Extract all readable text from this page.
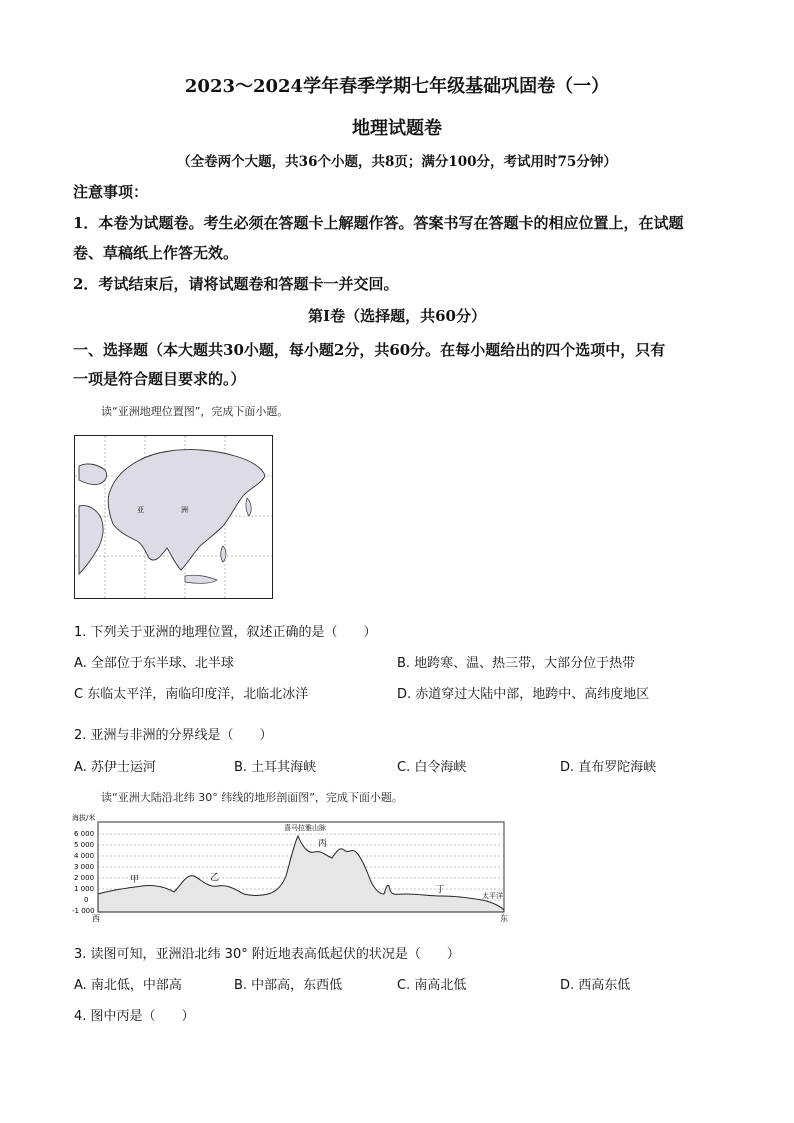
2023～2024学年春季学期七年级基础巩固卷（一）
地理试题卷
（全卷两个大题，共36个小题，共8页；满分100分，考试用时75分钟）
注意事项：
1．本卷为试题卷。考生必须在答题卡上解题作答。答案书写在答题卡的相应位置上，在试题
卷、草稿纸上作答无效。
2．考试结束后，请将试题卷和答题卡一并交回。
第Ⅰ卷（选择题，共60分）
一、选择题（本大题共30小题，每小题2分，共60分。在每小题给出的四个选项中，只有
一项是符合题目要求的。）
读“亚洲地理位置图”，完成下面小题。
亚	洲
1. 下列关于亚洲的地理位置，叙述正确的是（　　）
A. 全部位于东半球、北半球	B. 地跨寒、温、热三带，大部分位于热带
C 东临太平洋，南临印度洋，北临北冰洋	D. 赤道穿过大陆中部，地跨中、高纬度地区
2. 亚洲与非洲的分界线是（　　）
A. 苏伊士运河	B. 土耳其海峡	C. 白令海峡	D. 直布罗陀海峡
读“亚洲大陆沿北纬 30° 纬线的地形剖面图”，完成下面小题。
海拔/米
6 000
5 000
4 000
3 000
2 000
1 000
0
-1 000
喜马拉雅山脉
甲	乙
丙
丁
太平洋
西	东
3. 读图可知，亚洲沿北纬 30° 附近地表高低起伏的状况是（　　）
A. 南北低，中部高	B. 中部高，东西低	C. 南高北低	D. 西高东低
4. 图中丙是（　　）
